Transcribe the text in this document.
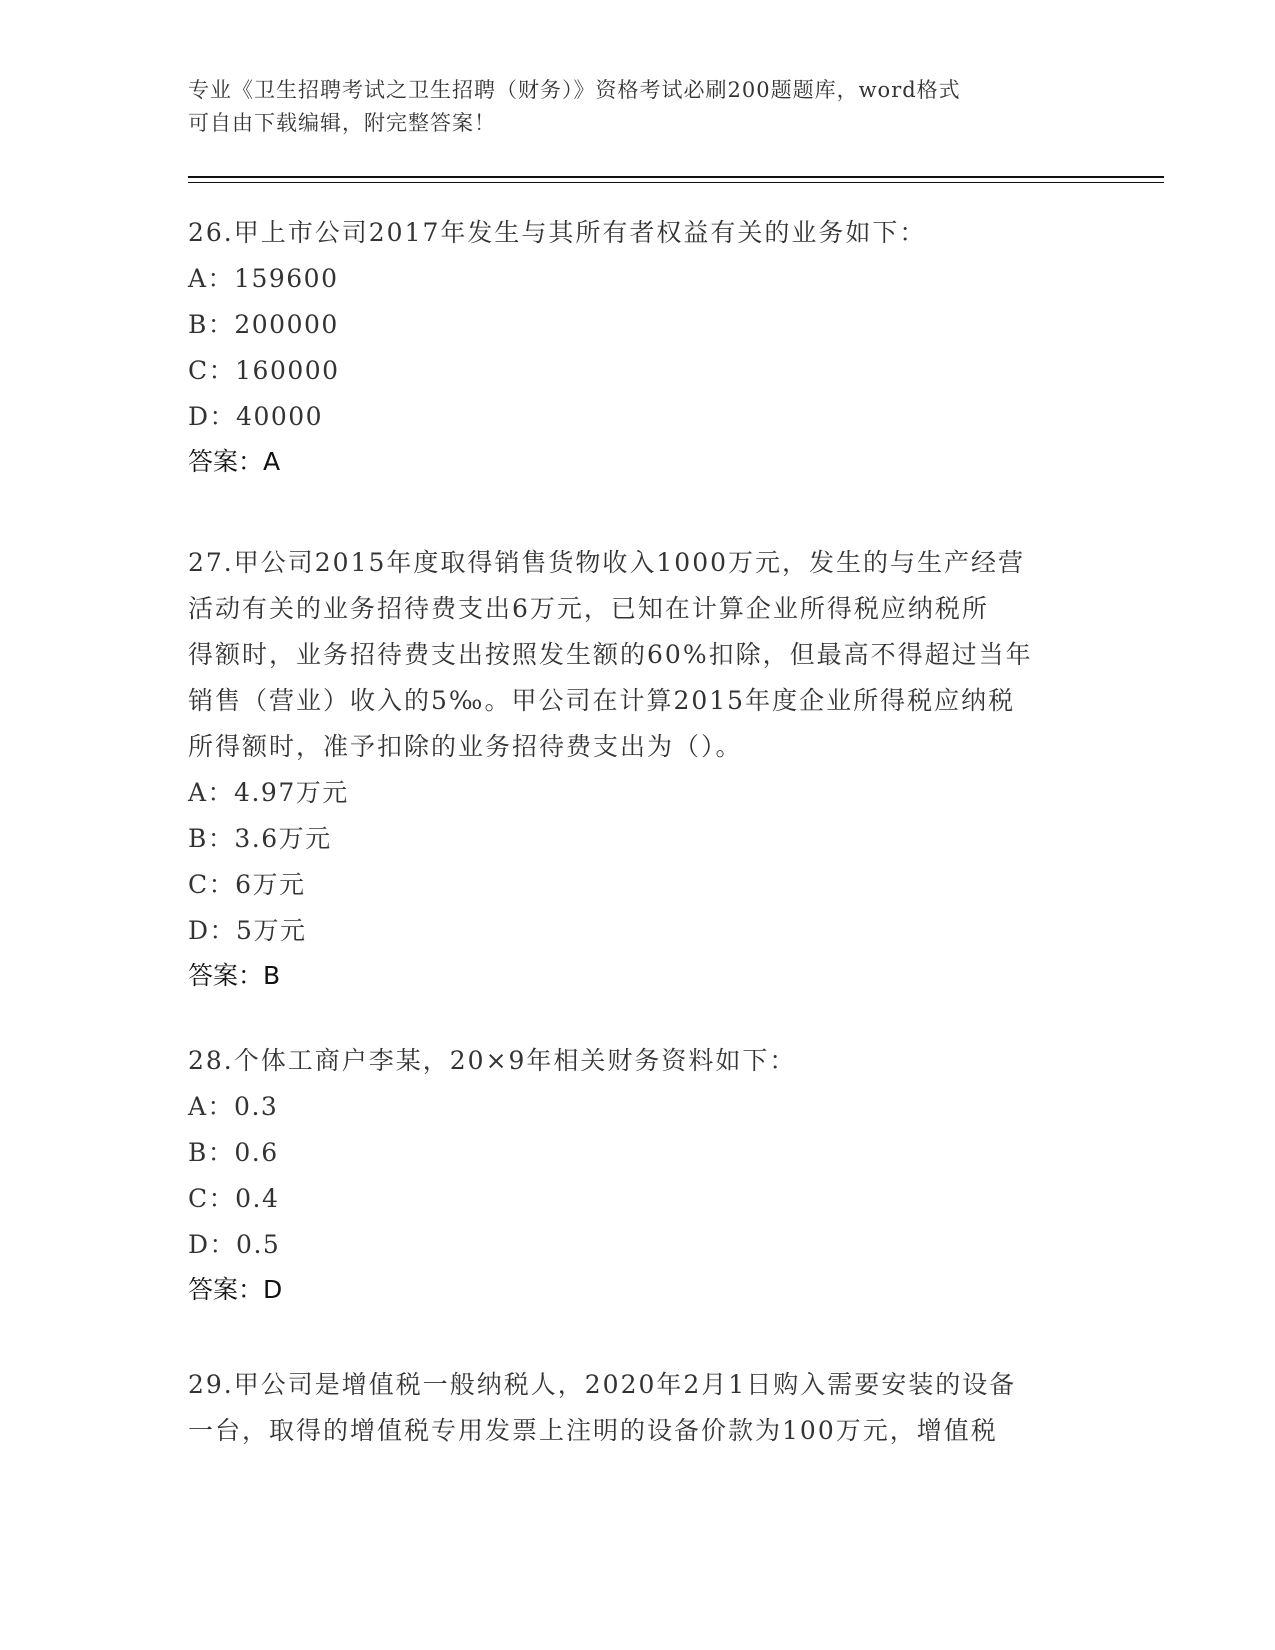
专业《卫生招聘考试之卫生招聘（财务）》资格考试必刷200题题库，word格式
可自由下载编辑，附完整答案！
26.甲上市公司2017年发生与其所有者权益有关的业务如下：
A：159600
B：200000
C：160000
D：40000
答案：A
27.甲公司2015年度取得销售货物收入1000万元，发生的与生产经营
活动有关的业务招待费支出6万元，已知在计算企业所得税应纳税所
得额时，业务招待费支出按照发生额的60%扣除，但最高不得超过当年
销售（营业）收入的5‰。甲公司在计算2015年度企业所得税应纳税
所得额时，准予扣除的业务招待费支出为（）。
A：4.97万元
B：3.6万元
C：6万元
D：5万元
答案：B
28.个体工商户李某，20×9年相关财务资料如下：
A：0.3
B：0.6
C：0.4
D：0.5
答案：D
29.甲公司是增值税一般纳税人，2020年2月1日购入需要安装的设备
一台，取得的增值税专用发票上注明的设备价款为100万元，增值税
